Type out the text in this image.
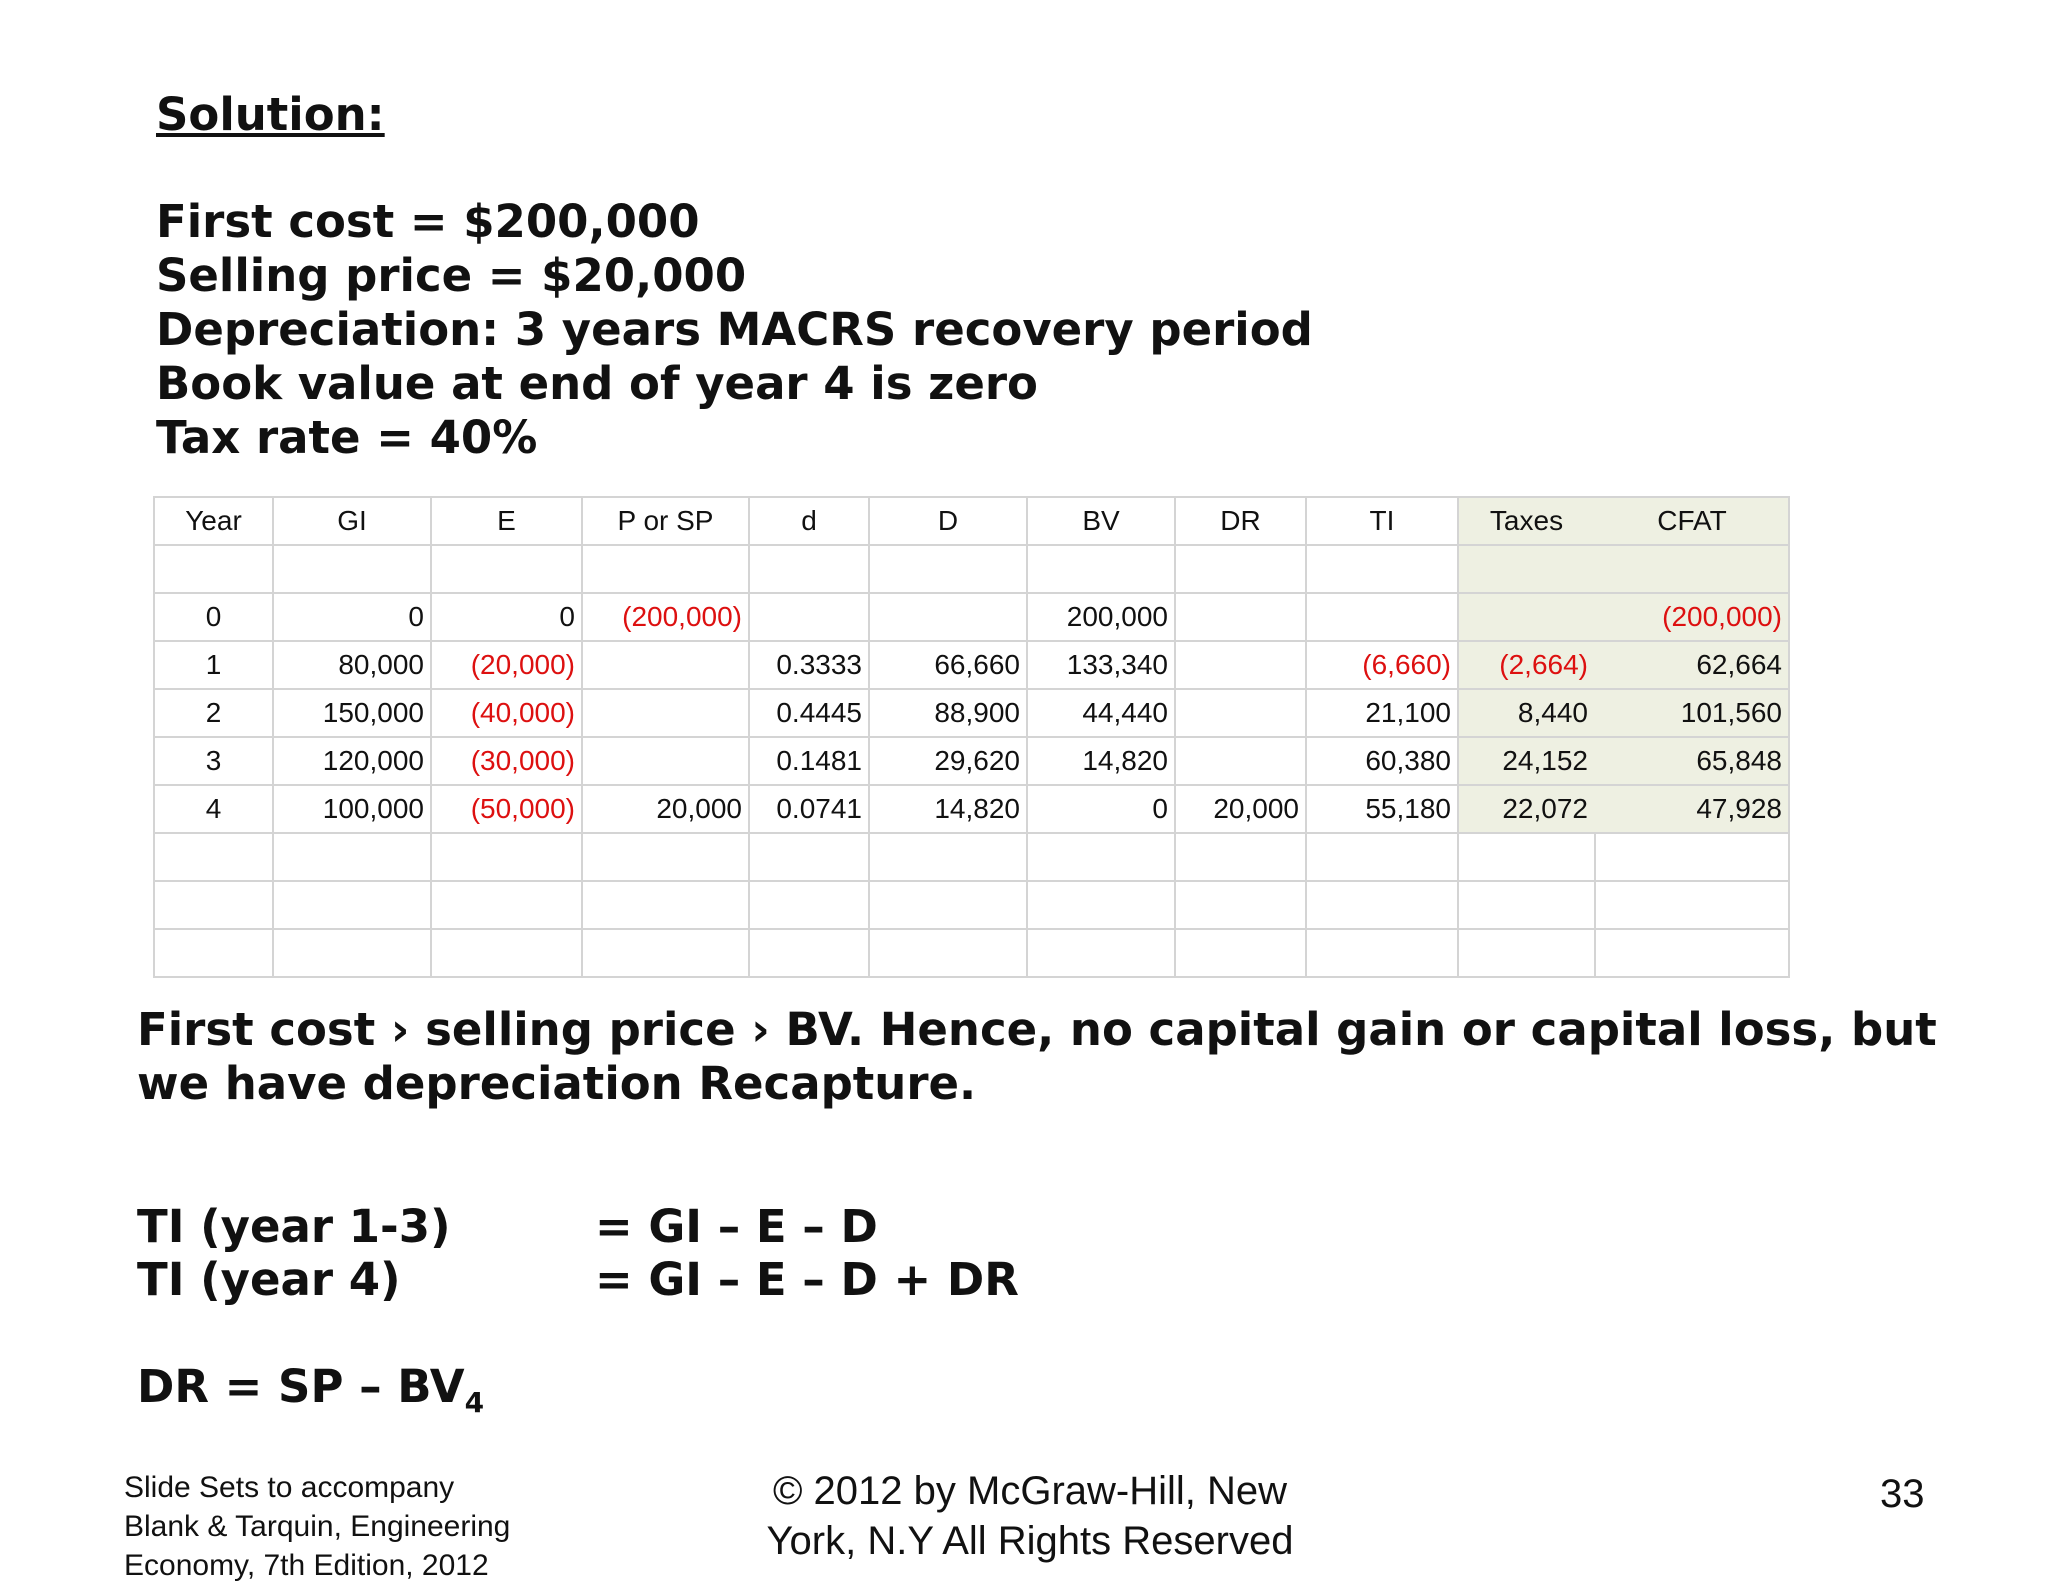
Solution:
First cost = $200,000
Selling price = $20,000
Depreciation: 3 years MACRS recovery period
Book value at end of year 4 is zero
Tax rate = 40%
Year	GI	E	P or SP	d	D	BV	DR	TI	Taxes	CFAT

0	0	0	(200,000)			200,000				(200,000)
1	80,000	(20,000)		0.3333	66,660	133,340		(6,660)	(2,664)	62,664
2	150,000	(40,000)		0.4445	88,900	44,440		21,100	8,440	101,560
3	120,000	(30,000)		0.1481	29,620	14,820		60,380	24,152	65,848
4	100,000	(50,000)	20,000	0.0741	14,820	0	20,000	55,180	22,072	47,928

First cost › selling price › BV. Hence, no capital gain or capital loss, but we have depreciation Recapture.
TI (year 1-3)	= GI – E – D
TI (year 4)	= GI – E – D + DR
DR = SP – $BV_4$
Slide Sets to accompany
Blank & Tarquin, Engineering
Economy, 7th Edition, 2012
© 2012 by McGraw-Hill, New
York, N.Y All Rights Reserved
33
